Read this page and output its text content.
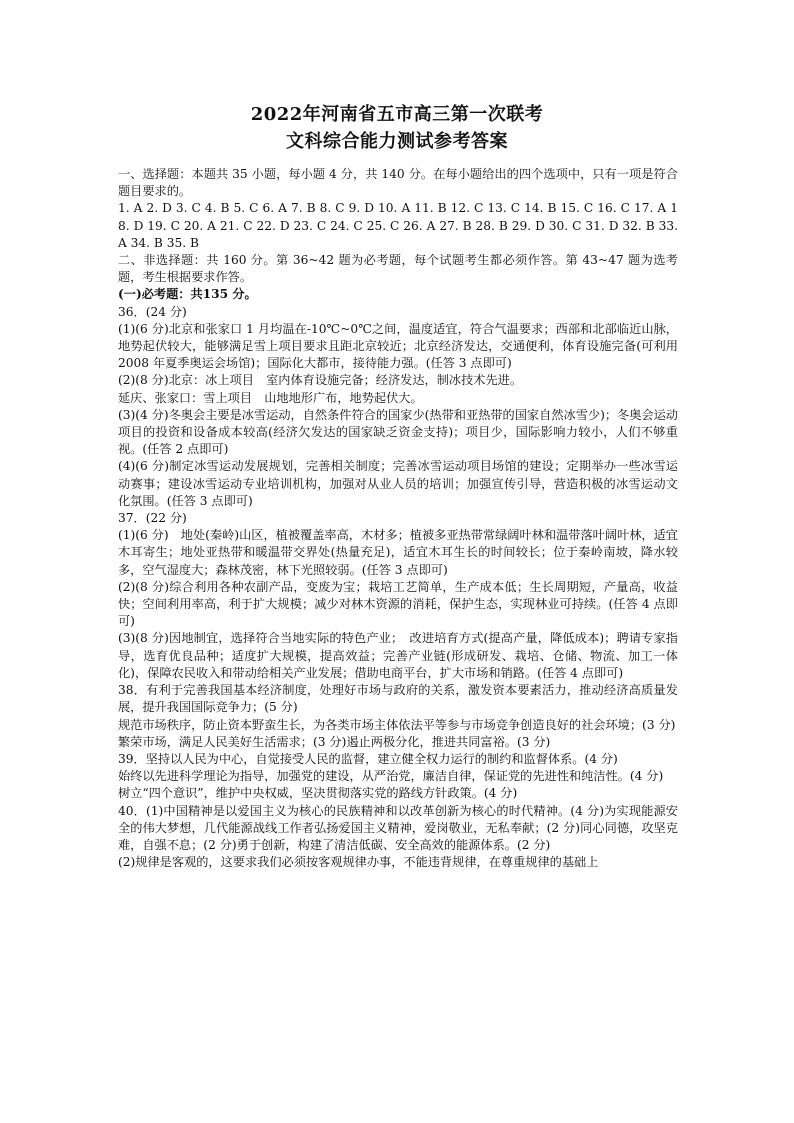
2022年河南省五市高三第一次联考
文科综合能力测试参考答案

一、选择题：本题共 35 小题，每小题 4 分，共 140 分。在每小题给出的四个选项中，只有一项是符合题目要求的。

1. A 2. D 3. C 4. B 5. C 6. A 7. B 8. C 9. D 10. A 11. B 12. C 13. C 14. B 15. C 16. C 17. A 18. D 19. C 20. A 21. C 22. D 23. C 24. C 25. C 26. A 27. B 28. B 29. D 30. C 31. D 32. B 33. A 34. B 35. B

二、非选择题：共 160 分。第 36~42 题为必考题，每个试题考生都必须作答。第 43~47 题为选考题，考生根据要求作答。

(一)必考题：共135 分。

36．(24 分)

(1)(6 分)北京和张家口 1 月均温在-10℃~0℃之间，温度适宜，符合气温要求；西部和北部临近山脉，地势起伏较大，能够满足雪上项目要求且距北京较近；北京经济发达，交通便利，体育设施完备(可利用 2008 年夏季奥运会场馆)；国际化大都市，接待能力强。(任答 3 点即可)

(2)(8 分)北京：冰上项目　室内体育设施完备；经济发达，制冰技术先进。

延庆、张家口：雪上项目　山地地形广布，地势起伏大。

(3)(4 分)冬奥会主要是冰雪运动，自然条件符合的国家少(热带和亚热带的国家自然冰雪少)；冬奥会运动项目的投资和设备成本较高(经济欠发达的国家缺乏资金支持)；项目少，国际影响力较小，人们不够重视。(任答 2 点即可)

(4)(6 分)制定冰雪运动发展规划，完善相关制度；完善冰雪运动项目场馆的建设；定期举办一些冰雪运动赛事；建设冰雪运动专业培训机构，加强对从业人员的培训；加强宣传引导，营造积极的冰雪运动文化氛围。(任答 3 点即可)

37．(22 分)

(1)(6 分)　地处(秦岭)山区，植被覆盖率高，木材多；植被多亚热带常绿阔叶林和温带落叶阔叶林，适宜木耳寄生；地处亚热带和暖温带交界处(热量充足)，适宜木耳生长的时间较长；位于秦岭南坡，降水较多，空气湿度大；森林茂密，林下光照较弱。(任答 3 点即可)

(2)(8 分)综合利用各种农副产品，变废为宝；栽培工艺简单，生产成本低；生长周期短，产量高，收益快；空间利用率高，利于扩大规模；减少对林木资源的消耗，保护生态，实现林业可持续。(任答 4 点即可)

(3)(8 分)因地制宜，选择符合当地实际的特色产业；　改进培育方式(提高产量，降低成本)；聘请专家指导，选育优良品种；适度扩大规模，提高效益；完善产业链(形成研发、栽培、仓储、物流、加工一体化)，保障农民收入和带动给相关产业发展；借助电商平台，扩大市场和销路。(任答 4 点即可)

38．有利于完善我国基本经济制度，处理好市场与政府的关系，激发资本要素活力，推动经济高质量发展，提升我国国际竞争力；(5 分)

规范市场秩序，防止资本野蛮生长，为各类市场主体依法平等参与市场竞争创造良好的社会环境；(3 分)

繁荣市场，满足人民美好生活需求；(3 分)遏止两极分化，推进共同富裕。(3 分)

39．坚持以人民为中心，自觉接受人民的监督，建立健全权力运行的制约和监督体系。(4 分)

始终以先进科学理论为指导，加强党的建设，从严治党，廉洁自律，保证党的先进性和纯洁性。(4 分)

树立“四个意识”，维护中央权威，坚决贯彻落实党的路线方针政策。(4 分)

40．(1)中国精神是以爱国主义为核心的民族精神和以改革创新为核心的时代精神。(4 分)为实现能源安全的伟大梦想，几代能源战线工作者弘扬爱国主义精神，爱岗敬业，无私奉献；(2 分)同心同德，攻坚克难，自强不息；(2 分)勇于创新，构建了清洁低碳、安全高效的能源体系。(2 分)

(2)规律是客观的，这要求我们必须按客观规律办事，不能违背规律，在尊重规律的基础上
